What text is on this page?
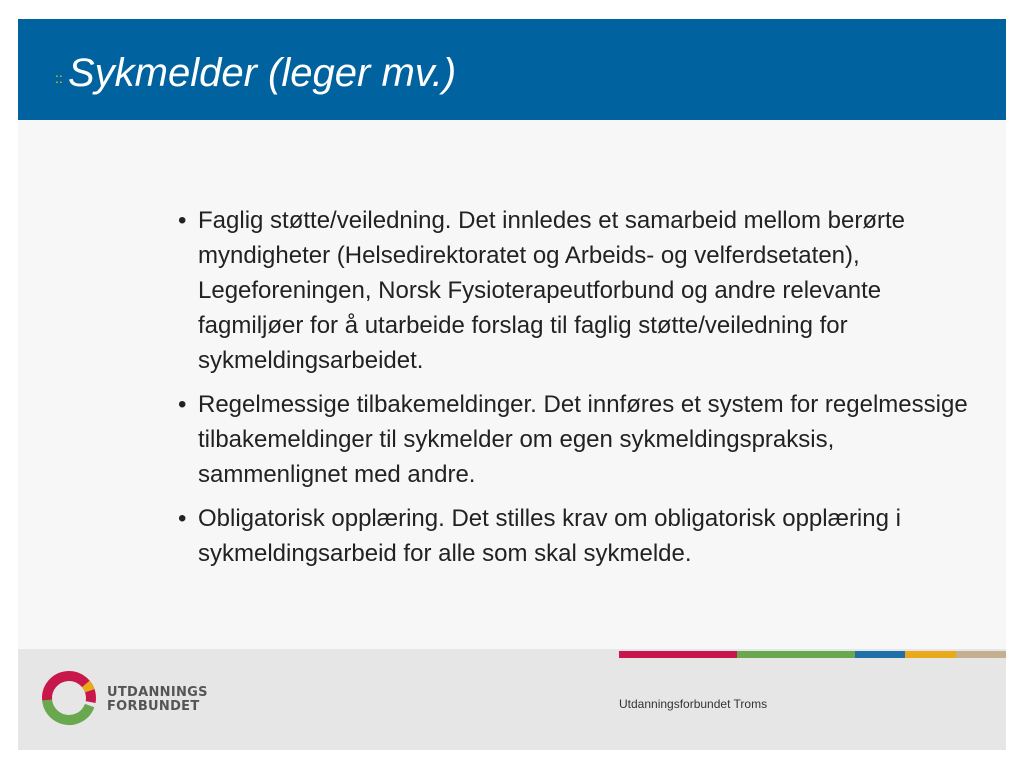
:: Sykmelder (leger mv.)
• Faglig støtte/veiledning. Det innledes et samarbeid mellom berørte myndigheter (Helsedirektoratet og Arbeids- og velferdsetaten), Legeforeningen, Norsk Fysioterapeutforbund og andre relevante fagmiljøer for å utarbeide forslag til faglig støtte/veiledning for sykmeldingsarbeidet.
• Regelmessige tilbakemeldinger. Det innføres et system for regelmessige tilbakemeldinger til sykmelder om egen sykmeldingspraksis, sammenlignet med andre.
• Obligatorisk opplæring. Det stilles krav om obligatorisk opplæring i sykmeldingsarbeid for alle som skal sykmelde.
UTDANNINGS
FORBUNDET	Utdanningsforbundet Troms
